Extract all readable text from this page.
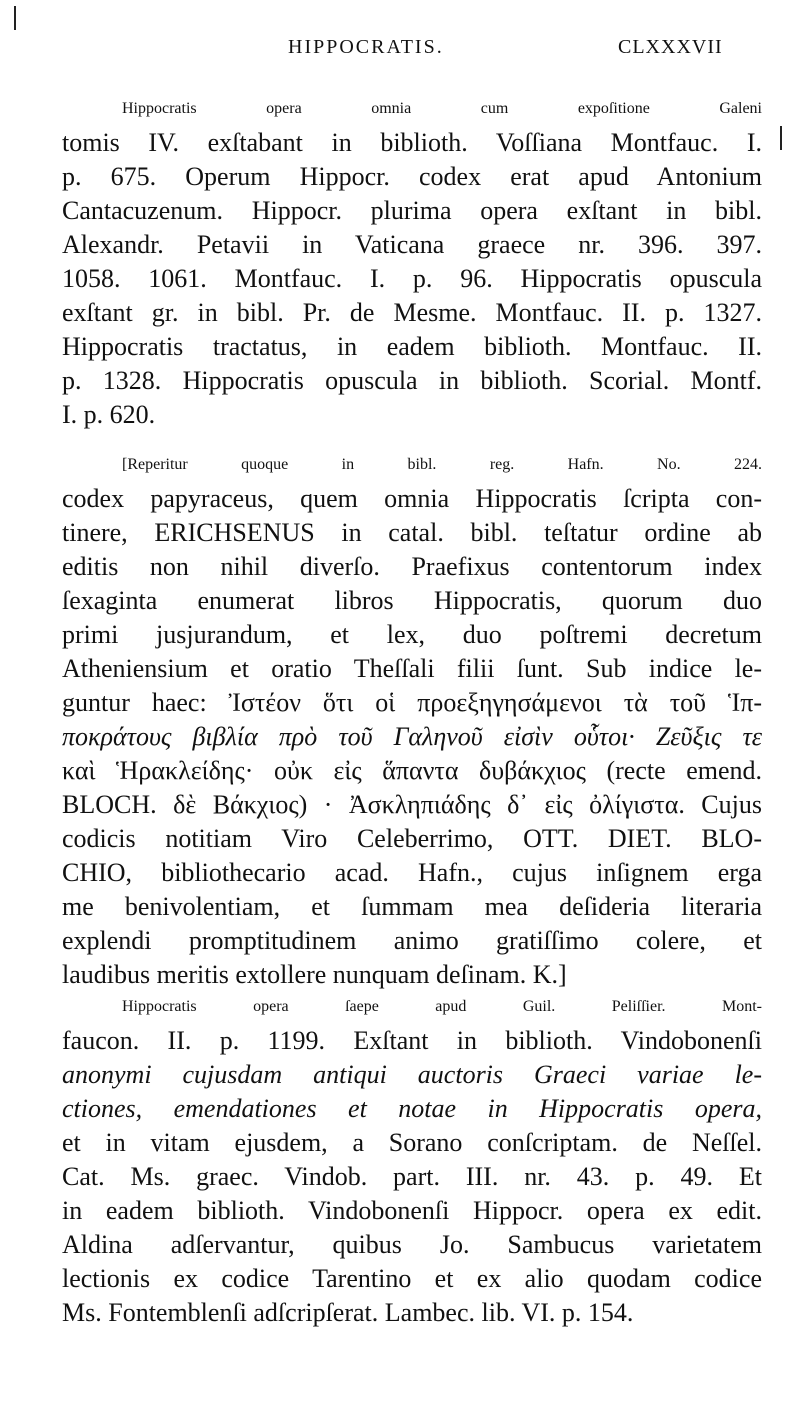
HIPPOCRATIS.	CLXXXVII
Hippocratis opera omnia cum expoſitione Galeni
tomis IV. exſtabant in biblioth. Voſſiana Montfauc. I.
p. 675. Operum Hippocr. codex erat apud Antonium
Cantacuzenum. Hippocr. plurima opera exſtant in bibl.
Alexandr. Petavii in Vaticana graece nr. 396. 397.
1058. 1061. Montfauc. I. p. 96. Hippocratis opuscula
exſtant gr. in bibl. Pr. de Mesme. Montfauc. II. p. 1327.
Hippocratis tractatus, in eadem biblioth. Montfauc. II.
p. 1328. Hippocratis opuscula in biblioth. Scorial. Montf.
I. p. 620.
[Reperitur quoque in bibl. reg. Hafn. No. 224.
codex papyraceus, quem omnia Hippocratis ſcripta con-
tinere, ERICHSENUS in catal. bibl. teſtatur ordine ab
editis non nihil diverſo. Praefixus contentorum index
ſexaginta enumerat libros Hippocratis, quorum duo
primi jusjurandum, et lex, duo poſtremi decretum
Atheniensium et oratio Theſſali filii ſunt. Sub indice le-
guntur haec: Ἰστέον ὅτι οἱ προεξηγησάμενοι τὰ τοῦ Ἱπ-
ποκράτους βιβλία πρὸ τοῦ Γαληνοῦ εἰσὶν οὗτοι· Ζεῦξις τε
καὶ Ἡρακλείδης· οὐκ εἰς ἅπαντα δυβάκχιος (recte emend.
BLOCH. δὲ Βάκχιος) · Ἀσκληπιάδης δ᾽ εἰς ὀλίγιστα. Cujus
codicis notitiam Viro Celeberrimo, OTT. DIET. BLO-
CHIO, bibliothecario acad. Hafn., cujus inſignem erga
me benivolentiam, et ſummam mea deſideria literaria
explendi promptitudinem animo gratiſſimo colere, et
laudibus meritis extollere nunquam deſinam. K.]
Hippocratis opera ſaepe apud Guil. Peliſſier. Mont-
faucon. II. p. 1199. Exſtant in biblioth. Vindobonenſi
anonymi cujusdam antiqui auctoris Graeci variae le-
ctiones, emendationes et notae in Hippocratis opera,
et in vitam ejusdem, a Sorano conſcriptam. de Neſſel.
Cat. Ms. graec. Vindob. part. III. nr. 43. p. 49. Et
in eadem biblioth. Vindobonenſi Hippocr. opera ex edit.
Aldina adſervantur, quibus Jo. Sambucus varietatem
lectionis ex codice Tarentino et ex alio quodam codice
Ms. Fontemblenſi adſcripſerat. Lambec. lib. VI. p. 154.
